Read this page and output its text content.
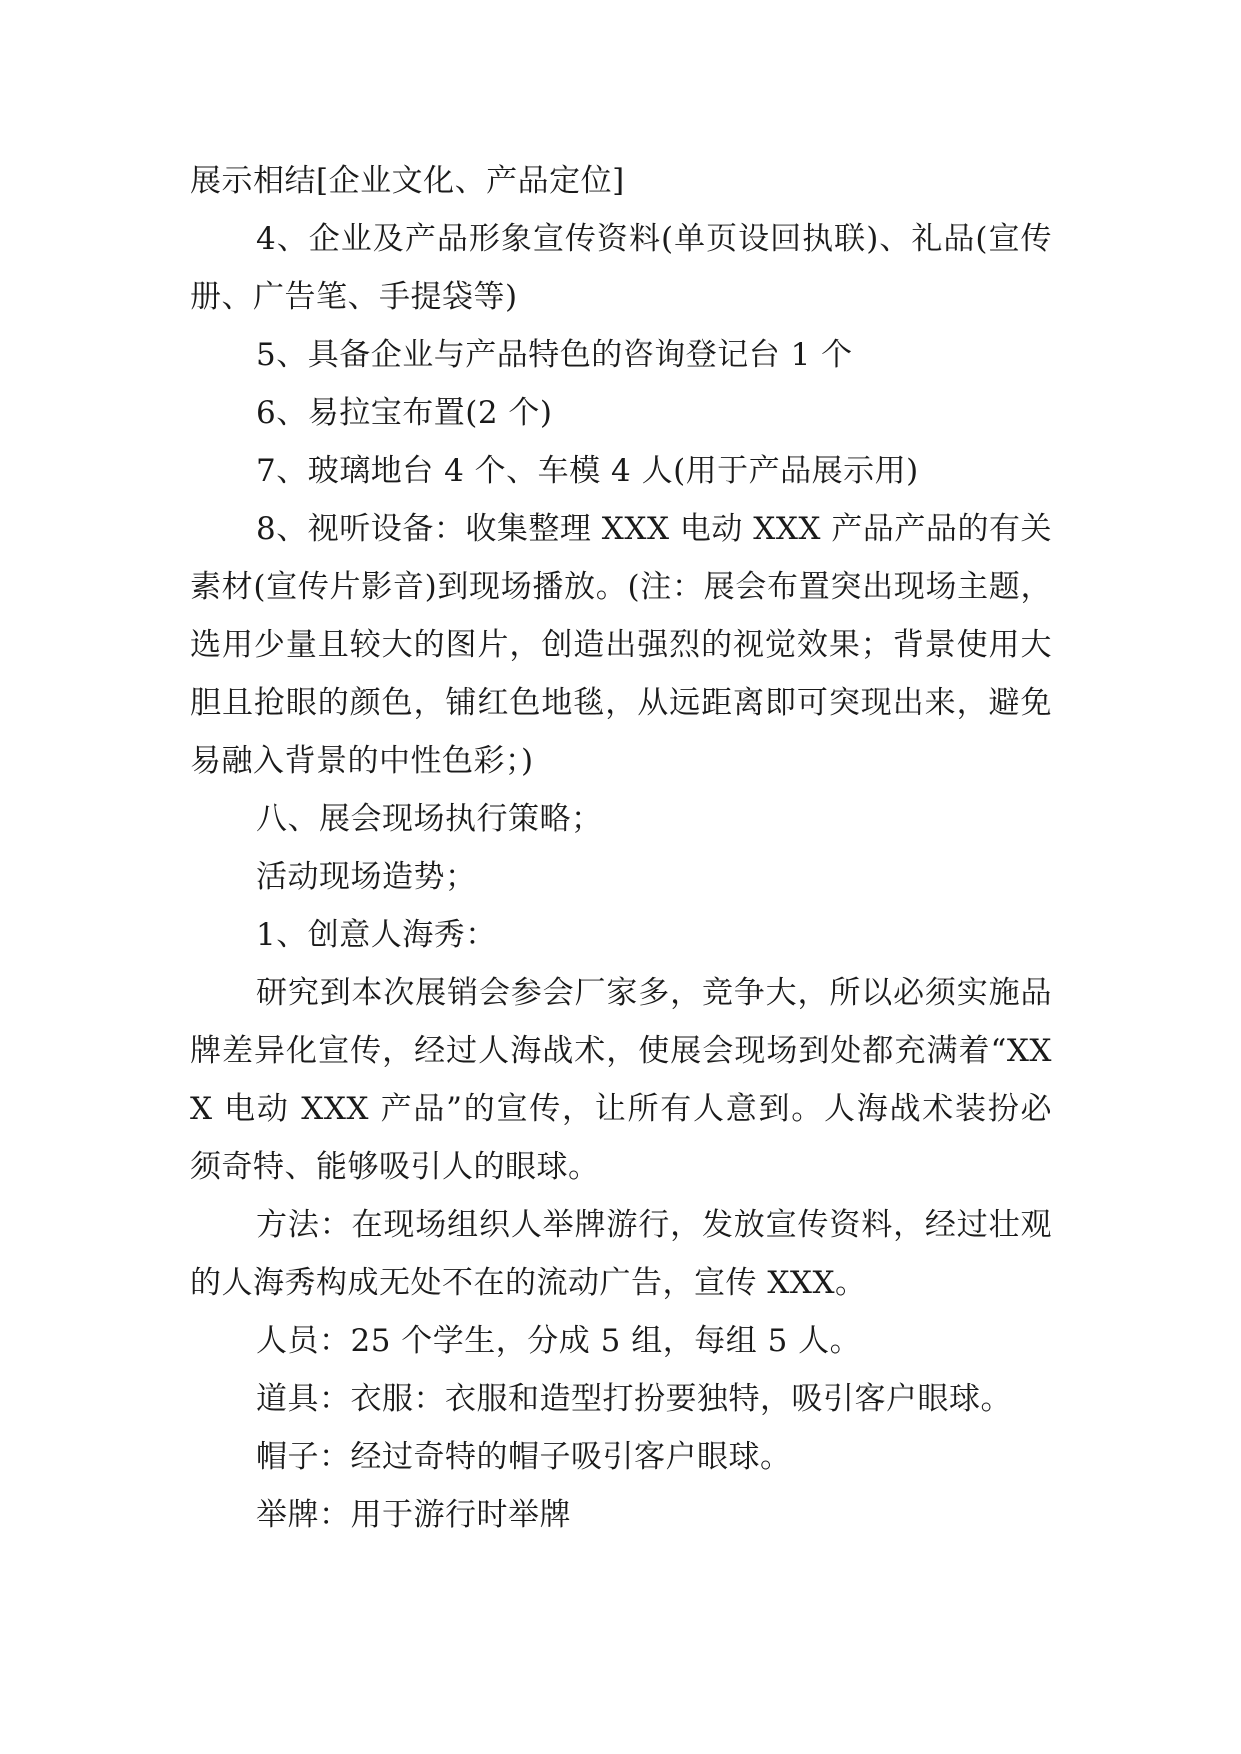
展示相结[企业文化、产品定位]

4、企业及产品形象宣传资料(单页设回执联)、礼品(宣传册、广告笔、手提袋等)

5、具备企业与产品特色的咨询登记台 1 个

6、易拉宝布置(2 个)

7、玻璃地台 4 个、车模 4 人(用于产品展示用)

8、视听设备：收集整理 XXX 电动 XXX 产品产品的有关素材(宣传片影音)到现场播放。(注：展会布置突出现场主题，选用少量且较大的图片，创造出强烈的视觉效果；背景使用大胆且抢眼的颜色，铺红色地毯，从远距离即可突现出来，避免易融入背景的中性色彩；)

八、展会现场执行策略；

活动现场造势；

1、创意人海秀：

研究到本次展销会参会厂家多，竞争大，所以必须实施品牌差异化宣传，经过人海战术，使展会现场到处都充满着“XXX 电动 XXX 产品”的宣传，让所有人意到。人海战术装扮必须奇特、能够吸引人的眼球。

方法：在现场组织人举牌游行，发放宣传资料，经过壮观的人海秀构成无处不在的流动广告，宣传 XXX。

人员：25 个学生，分成 5 组，每组 5 人。

道具：衣服：衣服和造型打扮要独特，吸引客户眼球。

帽子：经过奇特的帽子吸引客户眼球。

举牌：用于游行时举牌
